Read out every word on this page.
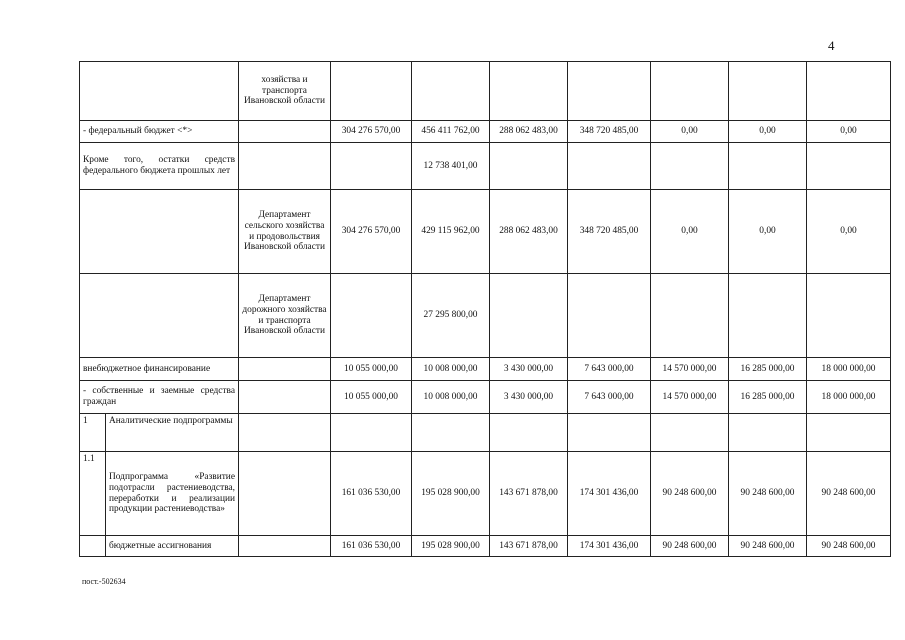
4
		хозяйства и транспорта Ивановской области							
- федеральный бюджет <*>			304 276 570,00	456 411 762,00	288 062 483,00	348 720 485,00	0,00	0,00	0,00
Кроме того, остатки средств федерального бюджета прошлых лет				12 738 401,00					
		Департамент сельского хозяйства и продовольствия Ивановской области	304 276 570,00	429 115 962,00	288 062 483,00	348 720 485,00	0,00	0,00	0,00
		Департамент дорожного хозяйства и транспорта Ивановской области		27 295 800,00					
внебюджетное финансирование			10 055 000,00	10 008 000,00	3 430 000,00	7 643 000,00	14 570 000,00	16 285 000,00	18 000 000,00
- собственные и заемные средства граждан			10 055 000,00	10 008 000,00	3 430 000,00	7 643 000,00	14 570 000,00	16 285 000,00	18 000 000,00
1	Аналитические подпрограммы								
1.1	Подпрограмма «Развитие подотрасли растениеводства, переработки и реализации продукции растениеводства»		161 036 530,00	195 028 900,00	143 671 878,00	174 301 436,00	90 248 600,00	90 248 600,00	90 248 600,00
	бюджетные ассигнования		161 036 530,00	195 028 900,00	143 671 878,00	174 301 436,00	90 248 600,00	90 248 600,00	90 248 600,00
пост.-502634
